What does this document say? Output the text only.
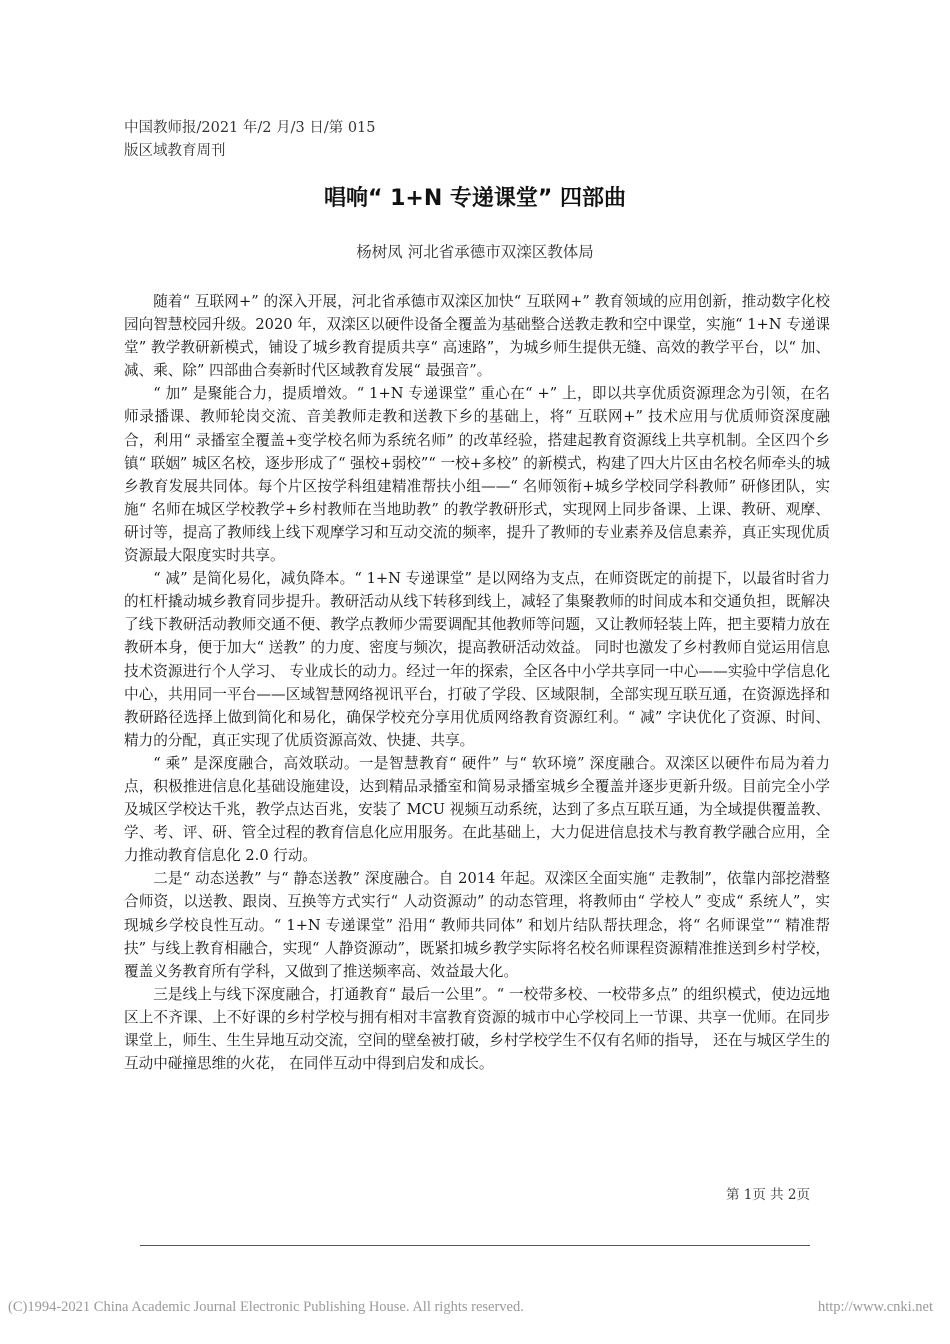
中国教师报/2021 年/2 月/3 日/第 015
版区域教育周刊
唱响“ 1+N 专递课堂” 四部曲
杨树凤 河北省承德市双滦区教体局

随着“ 互联网+” 的深入开展，河北省承德市双滦区加快“ 互联网+” 教育领域的应用创新，推动数字化校园向智慧校园升级。2020 年，双滦区以硬件设备全覆盖为基础整合送教走教和空中课堂，实施“ 1+N 专递课堂” 教学教研新模式，铺设了城乡教育提质共享“ 高速路”，为城乡师生提供无缝、高效的教学平台，以“ 加、减、乘、除” 四部曲合奏新时代区域教育发展“ 最强音”。

“ 加” 是聚能合力，提质增效。“ 1+N 专递课堂” 重心在“ +” 上，即以共享优质资源理念为引领，在名师录播课、教师轮岗交流、音美教师走教和送教下乡的基础上，将“ 互联网+” 技术应用与优质师资深度融合，利用“ 录播室全覆盖+变学校名师为系统名师” 的改革经验，搭建起教育资源线上共享机制。全区四个乡镇“ 联姻” 城区名校，逐步形成了“ 强校+弱校”“ 一校+多校” 的新模式，构建了四大片区由名校名师牵头的城乡教育发展共同体。每个片区按学科组建精准帮扶小组——“ 名师领衔+城乡学校同学科教师” 研修团队，实施“ 名师在城区学校教学+乡村教师在当地助教” 的教学教研形式，实现网上同步备课、上课、教研、观摩、研讨等，提高了教师线上线下观摩学习和互动交流的频率，提升了教师的专业素养及信息素养，真正实现优质资源最大限度实时共享。

“ 减” 是简化易化，减负降本。“ 1+N 专递课堂” 是以网络为支点，在师资既定的前提下，以最省时省力的杠杆撬动城乡教育同步提升。教研活动从线下转移到线上，减轻了集聚教师的时间成本和交通负担，既解决了线下教研活动教师交通不便、教学点教师少需要调配其他教师等问题，又让教师轻装上阵，把主要精力放在教研本身，便于加大“ 送教” 的力度、密度与频次，提高教研活动效益。 同时也激发了乡村教师自觉运用信息技术资源进行个人学习、 专业成长的动力。经过一年的探索，全区各中小学共享同一中心——实验中学信息化中心，共用同一平台——区域智慧网络视讯平台，打破了学段、区域限制，全部实现互联互通，在资源选择和教研路径选择上做到简化和易化，确保学校充分享用优质网络教育资源红利。“ 减” 字诀优化了资源、时间、精力的分配，真正实现了优质资源高效、快捷、共享。

“ 乘” 是深度融合，高效联动。一是智慧教育“ 硬件” 与“ 软环境” 深度融合。双滦区以硬件布局为着力点，积极推进信息化基础设施建设，达到精品录播室和简易录播室城乡全覆盖并逐步更新升级。目前完全小学及城区学校达千兆，教学点达百兆，安装了 MCU 视频互动系统，达到了多点互联互通，为全域提供覆盖教、学、考、评、研、管全过程的教育信息化应用服务。在此基础上，大力促进信息技术与教育教学融合应用，全力推动教育信息化 2.0 行动。

二是“ 动态送教” 与“ 静态送教” 深度融合。自 2014 年起。双滦区全面实施“ 走教制”，依靠内部挖潜整合师资，以送教、跟岗、互换等方式实行“ 人动资源动” 的动态管理，将教师由“ 学校人” 变成“ 系统人”，实现城乡学校良性互动。“ 1+N 专递课堂” 沿用“ 教师共同体” 和划片结队帮扶理念，将“ 名师课堂”“ 精准帮扶” 与线上教育相融合，实现“ 人静资源动”，既紧扣城乡教学实际将名校名师课程资源精准推送到乡村学校，覆盖义务教育所有学科，又做到了推送频率高、效益最大化。

三是线上与线下深度融合，打通教育“ 最后一公里”。“ 一校带多校、一校带多点” 的组织模式，使边远地区上不齐课、上不好课的乡村学校与拥有相对丰富教育资源的城市中心学校同上一节课、共享一优师。在同步课堂上，师生、生生异地互动交流，空间的壁垒被打破，乡村学校学生不仅有名师的指导， 还在与城区学生的互动中碰撞思维的火花， 在同伴互动中得到启发和成长。

第 1页 共 2页
(C)1994-2021 China Academic Journal Electronic Publishing House. All rights reserved.	http://www.cnki.net
